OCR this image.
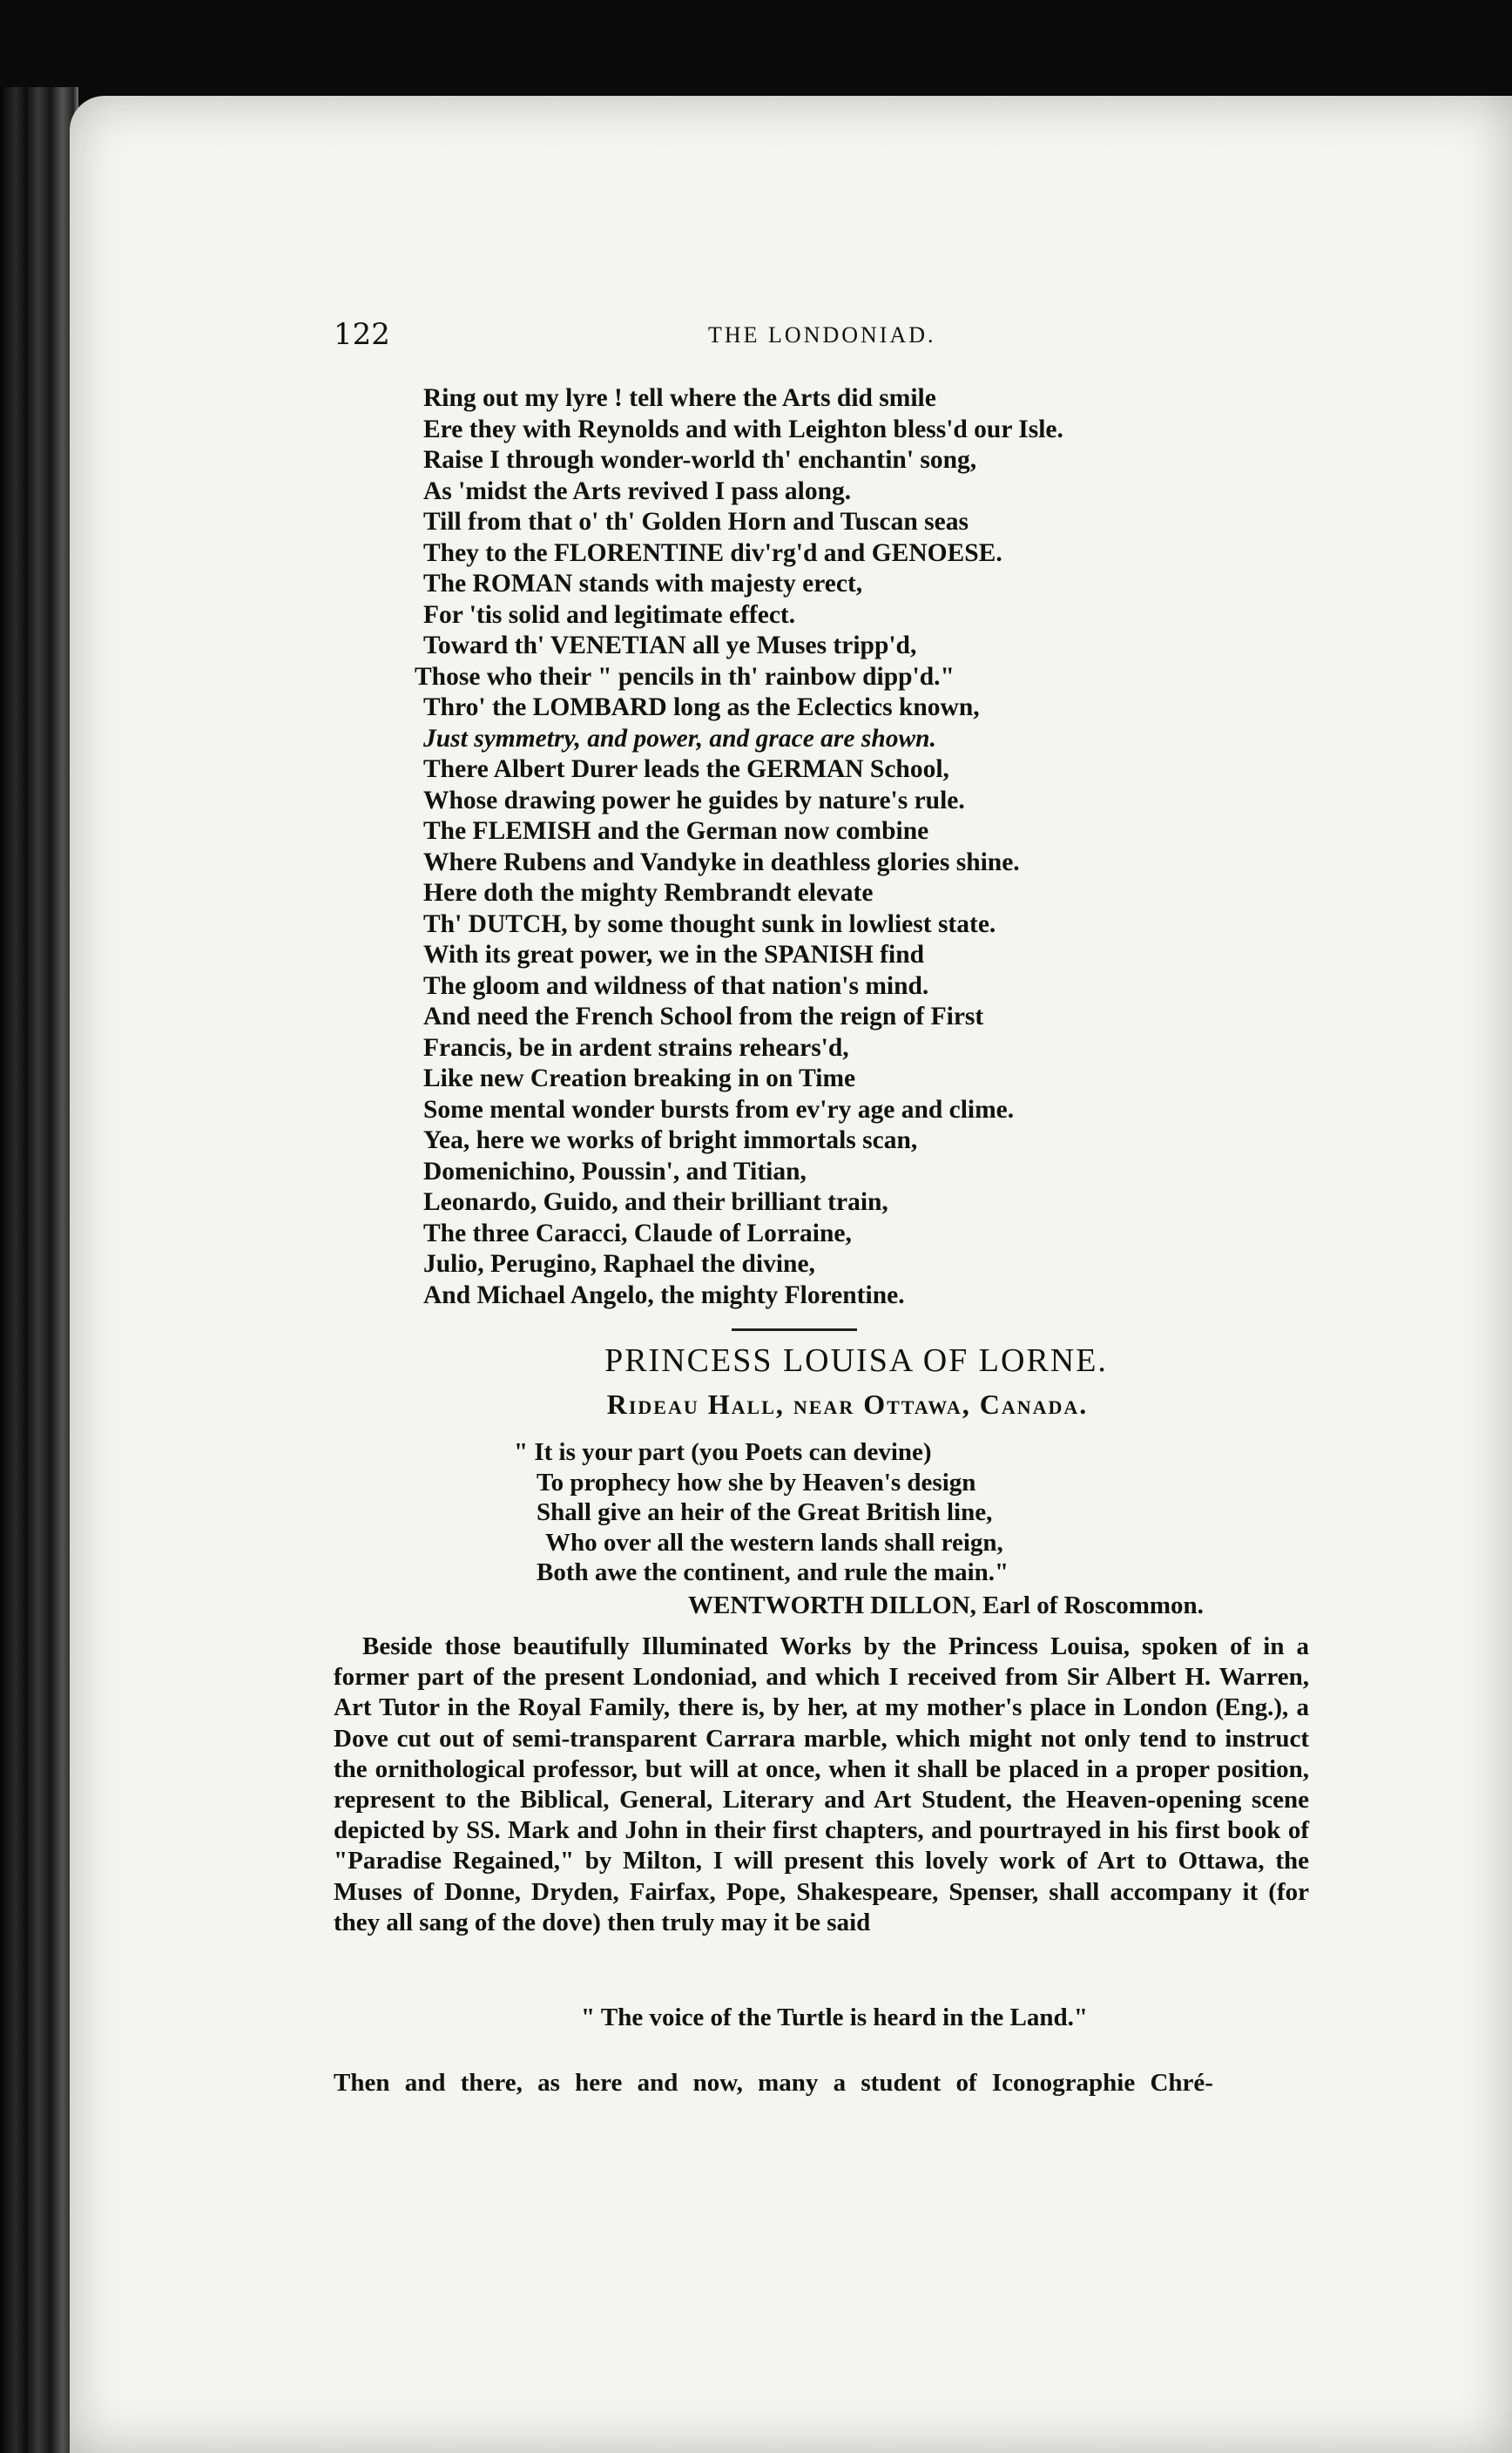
122	THE LONDONIAD.
Ring out my lyre ! tell where the Arts did smile
Ere they with Reynolds and with Leighton bless'd our Isle.
Raise I through wonder-world th' enchantin' song,
As 'midst the Arts revived I pass along.
Till from that o' th' Golden Horn and Tuscan seas
They to the FLORENTINE div'rg'd and GENOESE.
The ROMAN stands with majesty erect,
For 'tis solid and legitimate effect.
Toward th' VENETIAN all ye Muses tripp'd,
Those who their " pencils in th' rainbow dipp'd."
Thro' the LOMBARD long as the Eclectics known,
Just symmetry, and power, and grace are shown.
There Albert Durer leads the GERMAN School,
Whose drawing power he guides by nature's rule.
The FLEMISH and the German now combine
Where Rubens and Vandyke in deathless glories shine.
Here doth the mighty Rembrandt elevate
Th' DUTCH, by some thought sunk in lowliest state.
With its great power, we in the SPANISH find
The gloom and wildness of that nation's mind.
And need the French School from the reign of First
Francis, be in ardent strains rehears'd,
Like new Creation breaking in on Time
Some mental wonder bursts from ev'ry age and clime.
Yea, here we works of bright immortals scan,
Domenichino, Poussin', and Titian,
Leonardo, Guido, and their brilliant train,
The three Caracci, Claude of Lorraine,
Julio, Perugino, Raphael the divine,
And Michael Angelo, the mighty Florentine.
PRINCESS LOUISA OF LORNE.
Rideau Hall, near Ottawa, Canada.
" It is your part (you Poets can devine)
To prophecy how she by Heaven's design
Shall give an heir of the Great British line,
Who over all the western lands shall reign,
Both awe the continent, and rule the main."
WENTWORTH DILLON, Earl of Roscommon.
Beside those beautifully Illuminated Works by the Princess Louisa, spoken of in a former part of the present Londoniad, and which I received from Sir Albert H. Warren, Art Tutor in the Royal Family, there is, by her, at my mother's place in London (Eng.), a Dove cut out of semi-transparent Carrara marble, which might not only tend to instruct the ornithological professor, but will at once, when it shall be placed in a proper position, represent to the Biblical, General, Literary and Art Student, the Heaven-opening scene depicted by SS. Mark and John in their first chapters, and pourtrayed in his first book of "Paradise Regained," by Milton, I will present this lovely work of Art to Ottawa, the Muses of Donne, Dryden, Fairfax, Pope, Shakespeare, Spenser, shall accompany it (for they all sang of the dove) then truly may it be said
" The voice of the Turtle is heard in the Land."
Then and there, as here and now, many a student of Iconographie Chré-
